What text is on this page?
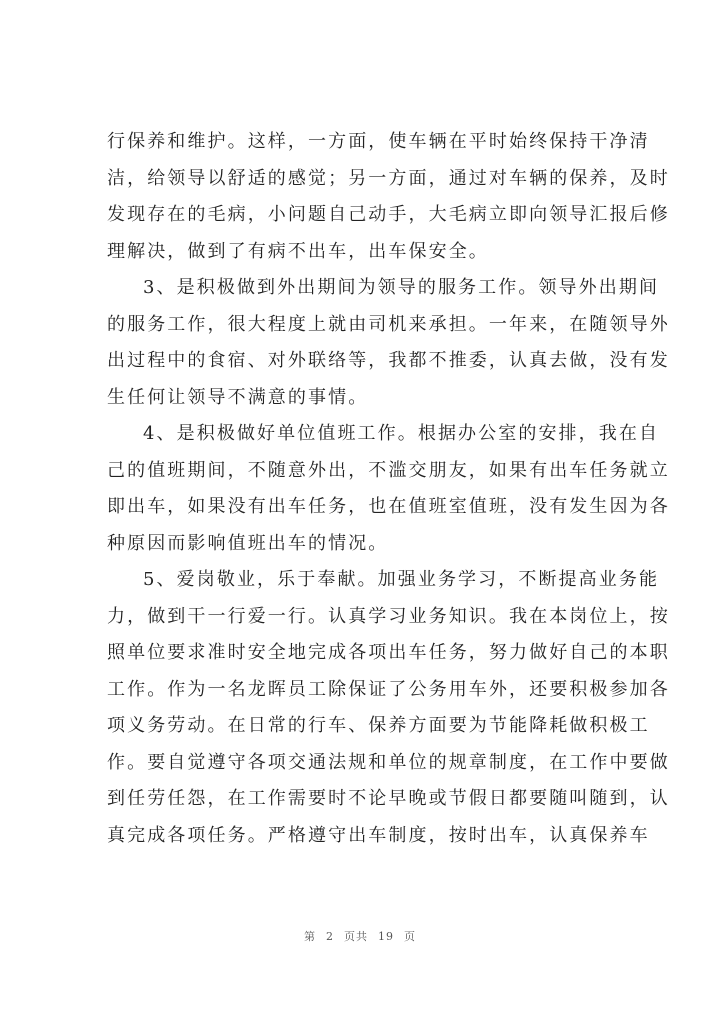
行保养和维护。这样，一方面，使车辆在平时始终保持干净清
洁，给领导以舒适的感觉；另一方面，通过对车辆的保养，及时
发现存在的毛病，小问题自己动手，大毛病立即向领导汇报后修
理解决，做到了有病不出车，出车保安全。
3、是积极做到外出期间为领导的服务工作。领导外出期间
的服务工作，很大程度上就由司机来承担。一年来，在随领导外
出过程中的食宿、对外联络等，我都不推委，认真去做，没有发
生任何让领导不满意的事情。
4、是积极做好单位值班工作。根据办公室的安排，我在自
己的值班期间，不随意外出，不滥交朋友，如果有出车任务就立
即出车，如果没有出车任务，也在值班室值班，没有发生因为各
种原因而影响值班出车的情况。
5、爱岗敬业，乐于奉献。加强业务学习，不断提高业务能
力，做到干一行爱一行。认真学习业务知识。我在本岗位上，按
照单位要求准时安全地完成各项出车任务，努力做好自己的本职
工作。作为一名龙晖员工除保证了公务用车外，还要积极参加各
项义务劳动。在日常的行车、保养方面要为节能降耗做积极工
作。要自觉遵守各项交通法规和单位的规章制度，在工作中要做
到任劳任怨，在工作需要时不论早晚或节假日都要随叫随到，认
真完成各项任务。严格遵守出车制度，按时出车，认真保养车
第 2 页共 19 页
